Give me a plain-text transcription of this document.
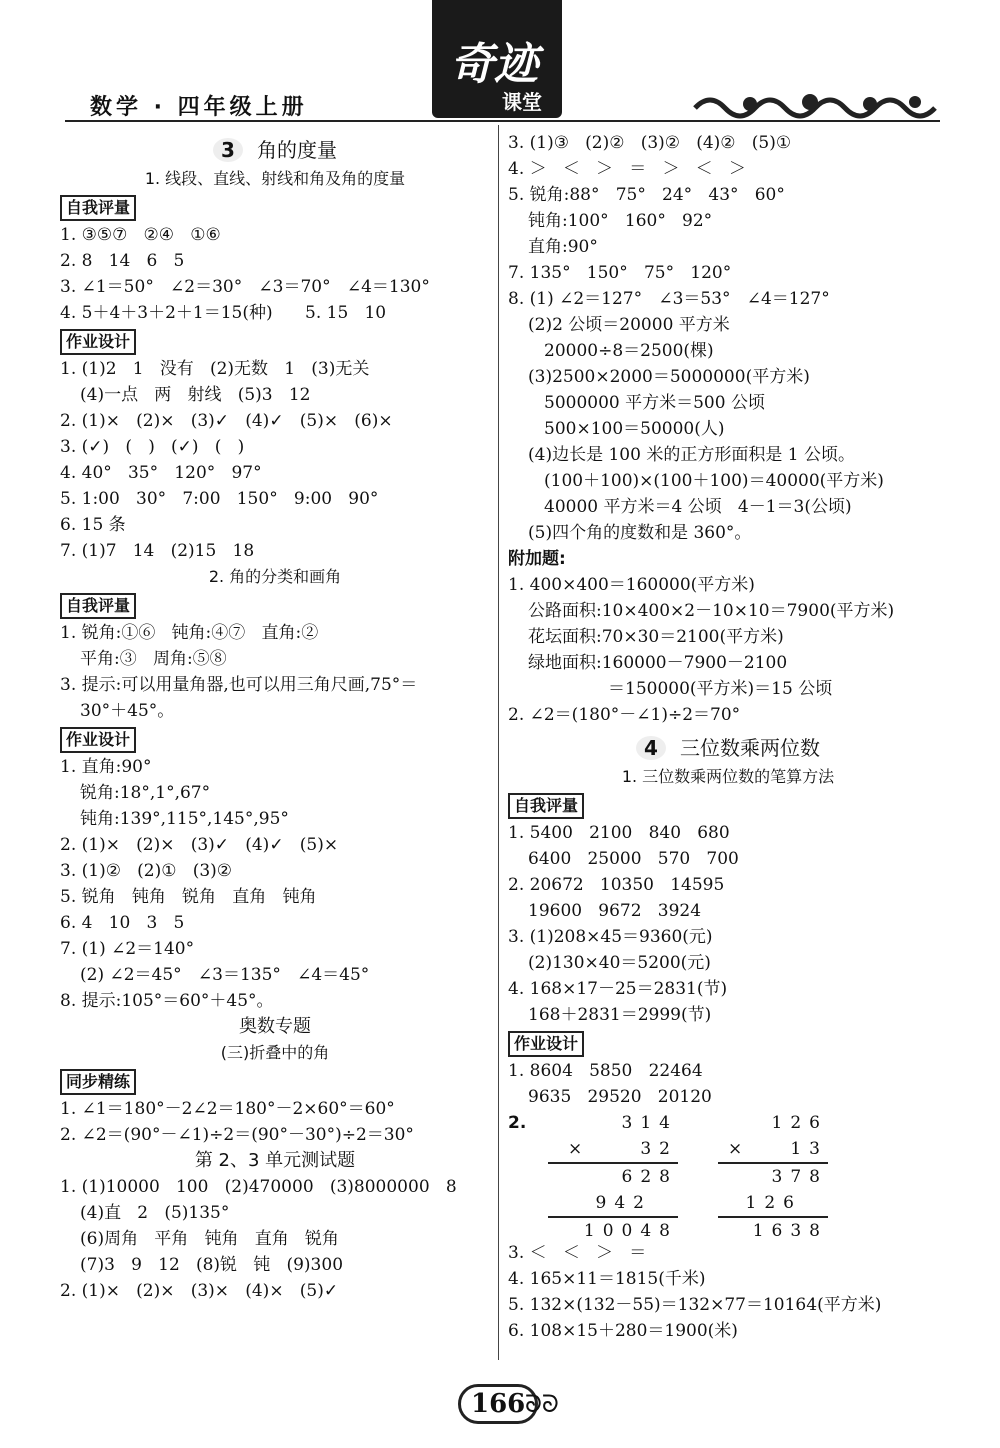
数学 · 四年级上册
奇迹
课堂
3 角的度量
1. 线段、直线、射线和角及角的度量
自我评量
1. ③⑤⑦   ②④   ①⑥
2. 8   14   6   5
3. ∠1＝50°   ∠2＝30°   ∠3＝70°   ∠4＝130°
4. 5＋4＋3＋2＋1＝15(种)      5. 15   10
作业设计
1. (1)2   1   没有   (2)无数   1   (3)无关
(4)一点   两   射线   (5)3   12
2. (1)×   (2)×   (3)✓   (4)✓   (5)×   (6)×
3. (✓)   (   )   (✓)   (   )
4. 40°   35°   120°   97°
5. 1:00   30°   7:00   150°   9:00   90°
6. 15 条
7. (1)7   14   (2)15   18
2. 角的分类和画角
自我评量
1. 锐角:①⑥   钝角:④⑦   直角:②
平角:③   周角:⑤⑧
3. 提示:可以用量角器,也可以用三角尺画,75°＝
30°＋45°。
作业设计
1. 直角:90°
锐角:18°,1°,67°
钝角:139°,115°,145°,95°
2. (1)×   (2)×   (3)✓   (4)✓   (5)×
3. (1)②   (2)①   (3)②
5. 锐角   钝角   锐角   直角   钝角
6. 4   10   3   5
7. (1) ∠2＝140°
(2) ∠2＝45°   ∠3＝135°   ∠4＝45°
8. 提示:105°＝60°＋45°。
奥数专题
(三)折叠中的角
同步精练
1. ∠1＝180°－2∠2＝180°－2×60°＝60°
2. ∠2＝(90°－∠1)÷2＝(90°－30°)÷2＝30°
第 2、3 单元测试题
1. (1)10000   100   (2)470000   (3)8000000   8
(4)直   2   (5)135°
(6)周角   平角   钝角   直角   锐角
(7)3   9   12   (8)锐   钝   (9)300
2. (1)×   (2)×   (3)×   (4)×   (5)✓
3. (1)③   (2)②   (3)②   (4)②   (5)①
4. ＞   ＜   ＞   ＝   ＞   ＜   ＞
5. 锐角:88°   75°   24°   43°   60°
钝角:100°   160°   92°
直角:90°
7. 135°   150°   75°   120°
8. (1) ∠2＝127°   ∠3＝53°   ∠4＝127°
(2)2 公顷＝20000 平方米
20000÷8＝2500(棵)
(3)2500×2000＝5000000(平方米)
5000000 平方米＝500 公顷
500×100＝50000(人)
(4)边长是 100 米的正方形面积是 1 公顷。
(100＋100)×(100＋100)＝40000(平方米)
40000 平方米＝4 公顷   4－1＝3(公顷)
(5)四个角的度数和是 360°。
附加题:
1. 400×400＝160000(平方米)
公路面积:10×400×2－10×10＝7900(平方米)
花坛面积:70×30＝2100(平方米)
绿地面积:160000－7900－2100
＝150000(平方米)＝15 公顷
2. ∠2＝(180°－∠1)÷2＝70°
4 三位数乘两位数
1. 三位数乘两位数的笔算方法
自我评量
1. 5400   2100   840   680
6400   25000   570   700
2. 20672   10350   14595
19600   9672   3924
3. (1)208×45＝9360(元)
(2)130×40＝5200(元)
4. 168×17－25＝2831(节)
168＋2831＝2999(节)
作业设计
1. 8604   5850   22464
9635   29520   20120
2.	314
×	32
628
942
10048
126
× 13
378
126
1638
3. ＜   ＜   ＞   ＝
4. 165×11＝1815(千米)
5. 132×(132－55)＝132×77＝10164(平方米)
6. 108×15＋280＝1900(米)
166 ᘐᘐ
